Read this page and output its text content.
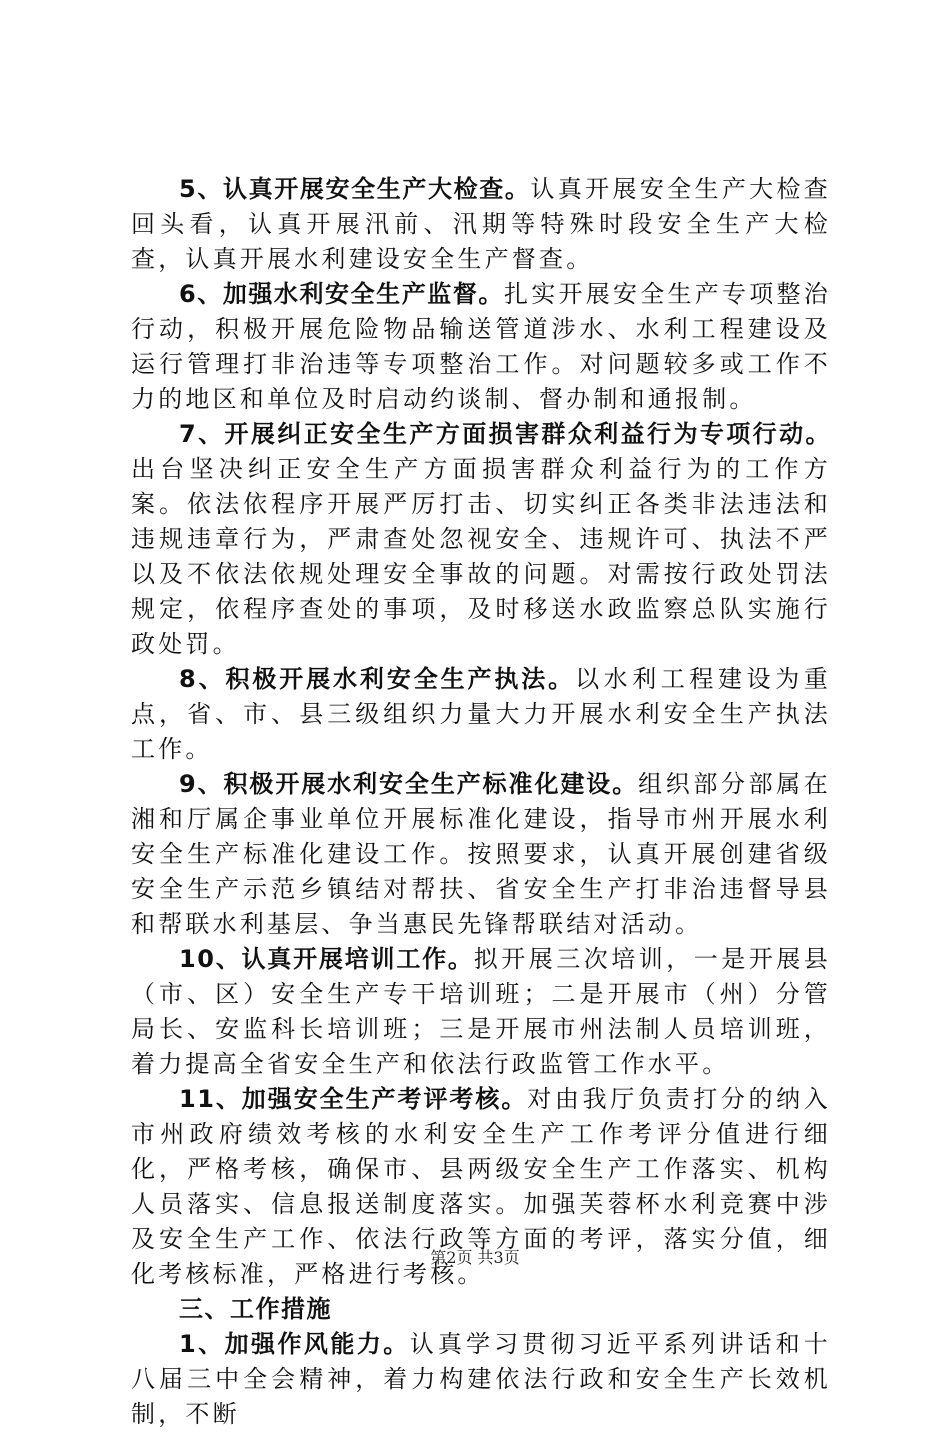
5、认真开展安全生产大检查。认真开展安全生产大检查回头看，认真开展汛前、汛期等特殊时段安全生产大检查，认真开展水利建设安全生产督查。

6、加强水利安全生产监督。扎实开展安全生产专项整治行动，积极开展危险物品输送管道涉水、水利工程建设及运行管理打非治违等专项整治工作。对问题较多或工作不力的地区和单位及时启动约谈制、督办制和通报制。

7、开展纠正安全生产方面损害群众利益行为专项行动。出台坚决纠正安全生产方面损害群众利益行为的工作方案。依法依程序开展严厉打击、切实纠正各类非法违法和违规违章行为，严肃查处忽视安全、违规许可、执法不严以及不依法依规处理安全事故的问题。对需按行政处罚法规定，依程序查处的事项，及时移送水政监察总队实施行政处罚。

8、积极开展水利安全生产执法。以水利工程建设为重点，省、市、县三级组织力量大力开展水利安全生产执法工作。

9、积极开展水利安全生产标准化建设。组织部分部属在湘和厅属企事业单位开展标准化建设，指导市州开展水利安全生产标准化建设工作。按照要求，认真开展创建省级安全生产示范乡镇结对帮扶、省安全生产打非治违督导县和帮联水利基层、争当惠民先锋帮联结对活动。

10、认真开展培训工作。拟开展三次培训，一是开展县（市、区）安全生产专干培训班；二是开展市（州）分管局长、安监科长培训班；三是开展市州法制人员培训班，着力提高全省安全生产和依法行政监管工作水平。

11、加强安全生产考评考核。对由我厅负责打分的纳入市州政府绩效考核的水利安全生产工作考评分值进行细化，严格考核，确保市、县两级安全生产工作落实、机构人员落实、信息报送制度落实。加强芙蓉杯水利竞赛中涉及安全生产工作、依法行政等方面的考评，落实分值，细化考核标准，严格进行考核。

三、工作措施

1、加强作风能力。认真学习贯彻习近平系列讲话和十八届三中全会精神，着力构建依法行政和安全生产长效机制，不断

第2页 共3页
